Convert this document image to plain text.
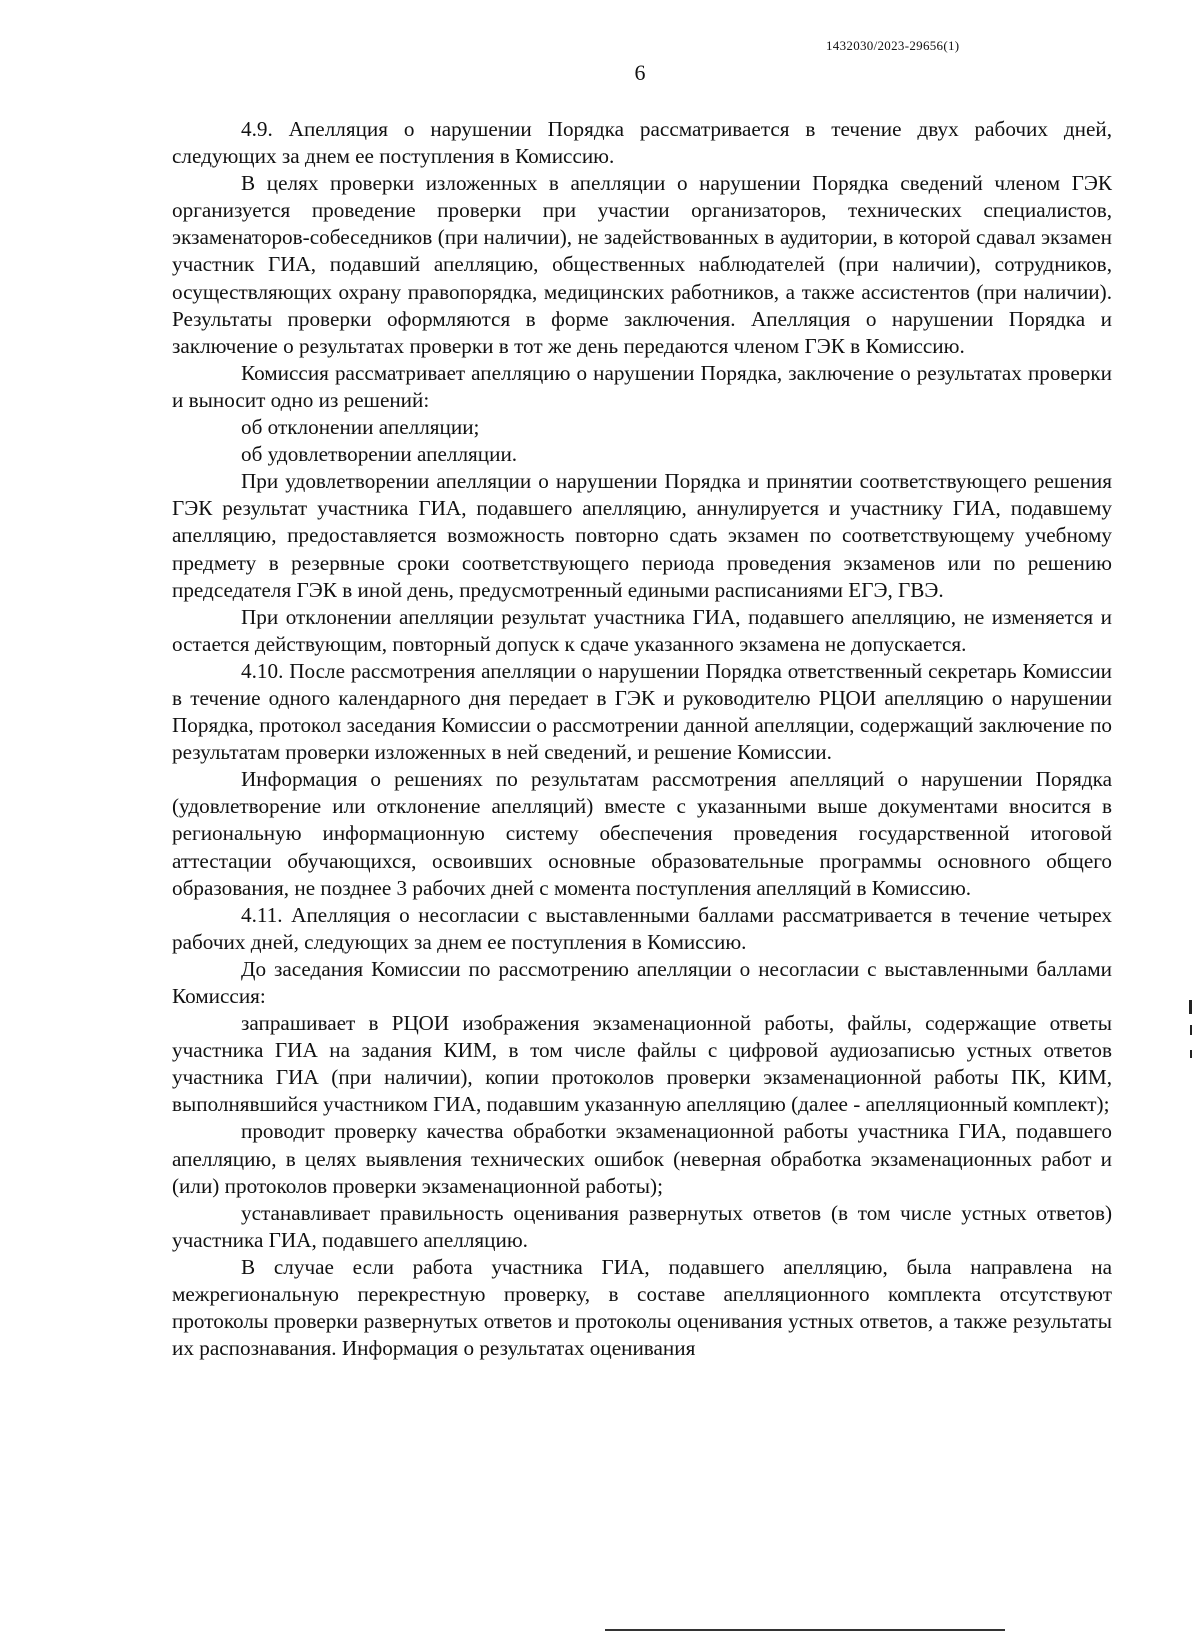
1432030/2023-29656(1)
6

4.9. Апелляция о нарушении Порядка рассматривается в течение двух рабочих дней, следующих за днем ее поступления в Комиссию.

В целях проверки изложенных в апелляции о нарушении Порядка сведений членом ГЭК организуется проведение проверки при участии организаторов, технических специалистов, экзаменаторов-собеседников (при наличии), не задействованных в аудитории, в которой сдавал экзамен участник ГИА, подавший апелляцию, общественных наблюдателей (при наличии), сотрудников, осуществляющих охрану правопорядка, медицинских работников, а также ассистентов (при наличии). Результаты проверки оформляются в форме заключения. Апелляция о нарушении Порядка и заключение о результатах проверки в тот же день передаются членом ГЭК в Комиссию.

Комиссия рассматривает апелляцию о нарушении Порядка, заключение о результатах проверки и выносит одно из решений:

об отклонении апелляции;

об удовлетворении апелляции.

При удовлетворении апелляции о нарушении Порядка и принятии соответствующего решения ГЭК результат участника ГИА, подавшего апелляцию, аннулируется и участнику ГИА, подавшему апелляцию, предоставляется возможность повторно сдать экзамен по соответствующему учебному предмету в резервные сроки соответствующего периода проведения экзаменов или по решению председателя ГЭК в иной день, предусмотренный едиными расписаниями ЕГЭ, ГВЭ.

При отклонении апелляции результат участника ГИА, подавшего апелляцию, не изменяется и остается действующим, повторный допуск к сдаче указанного экзамена не допускается.

4.10. После рассмотрения апелляции о нарушении Порядка ответственный секретарь Комиссии в течение одного календарного дня передает в ГЭК и руководителю РЦОИ апелляцию о нарушении Порядка, протокол заседания Комиссии о рассмотрении данной апелляции, содержащий заключение по результатам проверки изложенных в ней сведений, и решение Комиссии.

Информация о решениях по результатам рассмотрения апелляций о нарушении Порядка (удовлетворение или отклонение апелляций) вместе с указанными выше документами вносится в региональную информационную систему обеспечения проведения государственной итоговой аттестации обучающихся, освоивших основные образовательные программы основного общего образования, не позднее 3 рабочих дней с момента поступления апелляций в Комиссию.

4.11. Апелляция о несогласии с выставленными баллами рассматривается в течение четырех рабочих дней, следующих за днем ее поступления в Комиссию.

До заседания Комиссии по рассмотрению апелляции о несогласии с выставленными баллами Комиссия:

запрашивает в РЦОИ изображения экзаменационной работы, файлы, содержащие ответы участника ГИА на задания КИМ, в том числе файлы с цифровой аудиозаписью устных ответов участника ГИА (при наличии), копии протоколов проверки экзаменационной работы ПК, КИМ, выполнявшийся участником ГИА, подавшим указанную апелляцию (далее - апелляционный комплект);

проводит проверку качества обработки экзаменационной работы участника ГИА, подавшего апелляцию, в целях выявления технических ошибок (неверная обработка экзаменационных работ и (или) протоколов проверки экзаменационной работы);

устанавливает правильность оценивания развернутых ответов (в том числе устных ответов) участника ГИА, подавшего апелляцию.

В случае если работа участника ГИА, подавшего апелляцию, была направлена на межрегиональную перекрестную проверку, в составе апелляционного комплекта отсутствуют протоколы проверки развернутых ответов и протоколы оценивания устных ответов, а также результаты их распознавания. Информация о результатах оценивания
